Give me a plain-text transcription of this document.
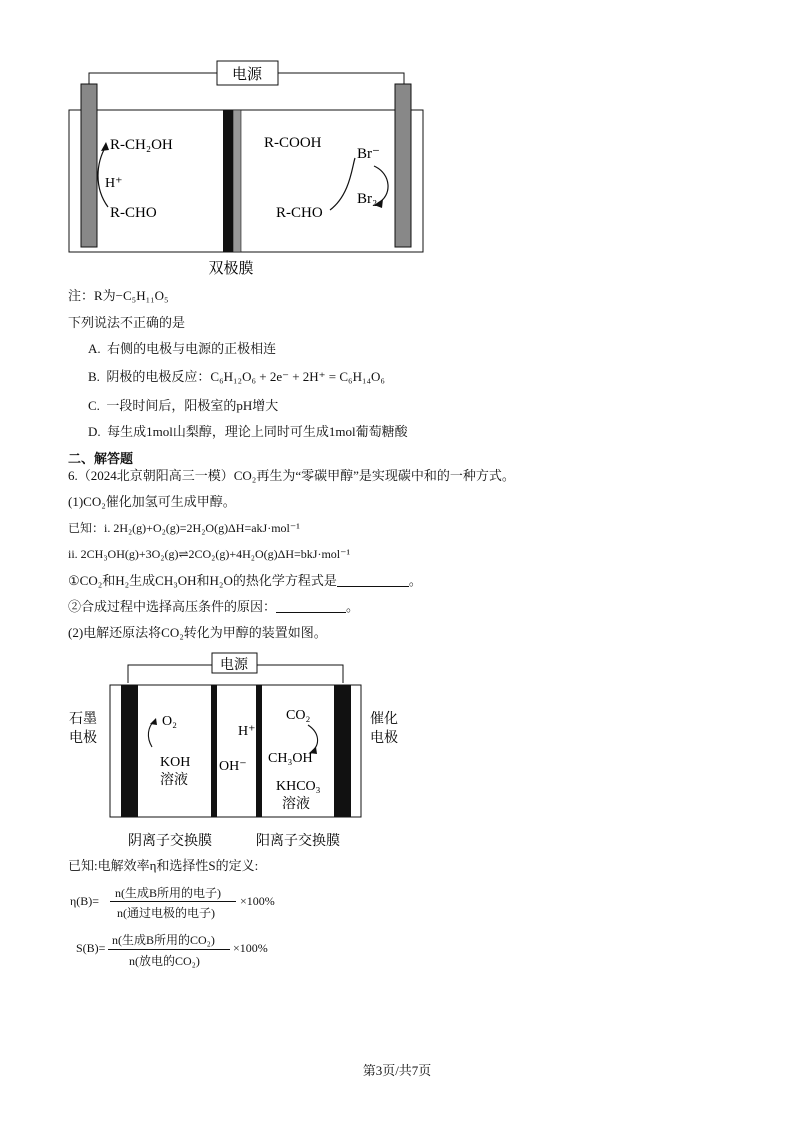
电源
R-CH₂OH
H⁺
R-CHO
R-COOH
Br⁻
Br₂
R-CHO
双极膜
注：R为−C₅H₁₁O₅
下列说法不正确的是
A. 右侧的电极与电源的正极相连
B. 阴极的电极反应：C₆H₁₂O₆ + 2e⁻ + 2H⁺ = C₆H₁₄O₆
C. 一段时间后，阳极室的pH增大
D. 每生成1mol山梨醇，理论上同时可生成1mol葡萄糖酸
二、解答题
6.（2024北京朝阳高三一模）CO₂再生为“零碳甲醇”是实现碳中和的一种方式。
(1)CO₂催化加氢可生成甲醇。
已知：i. 2H₂(g)+O₂(g)=2H₂O(g)ΔH=akJ·mol⁻¹
ii. 2CH₃OH(g)+3O₂(g)⇌2CO₂(g)+4H₂O(g)ΔH=bkJ·mol⁻¹
①CO₂和H₂生成CH₃OH和H₂O的热化学方程式是	。
②合成过程中选择高压条件的原因：	。
(2)电解还原法将CO₂转化为甲醇的装置如图。
电源
石墨
电极
催化
电极
O₂
KOH
溶液
H⁺
OH⁻
CO₂
CH₃OH
KHCO₃
溶液
阴离子交换膜	阳离子交换膜
已知:电解效率η和选择性S的定义:
η(B)=
n(生成B所用的电子)
n(通过电极的电子)
×100%
S(B)=
n(生成B所用的CO₂)
n(放电的CO₂)
×100%
第3页/共7页
